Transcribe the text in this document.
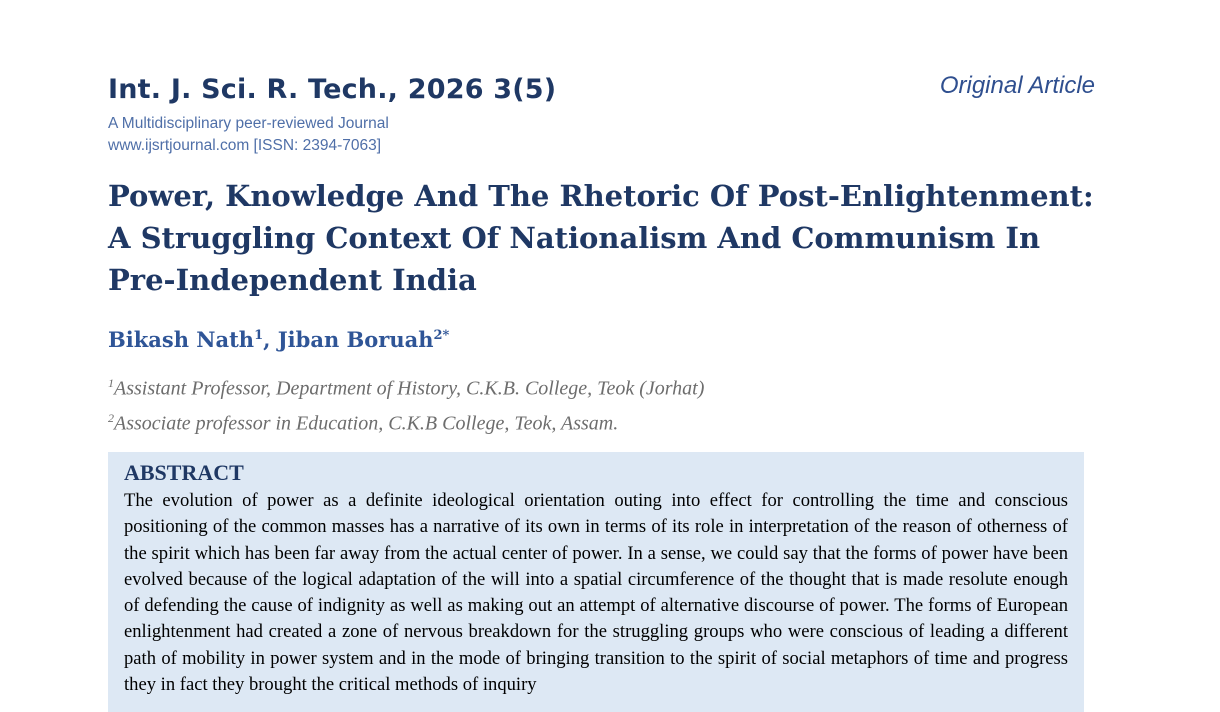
Int. J. Sci. R. Tech., 2026 3(5)	Original Article
A Multidisciplinary peer-reviewed Journal
www.ijsrtjournal.com [ISSN: 2394-7063]
Power, Knowledge And The Rhetoric Of Post-Enlightenment: A Struggling Context Of Nationalism And Communism In Pre-Independent India
Bikash Nath$^1$, Jiban Boruah$^{2*}$
$^1$Assistant Professor, Department of History, C.K.B. College, Teok (Jorhat)
$^2$Associate professor in Education, C.K.B College, Teok, Assam.
ABSTRACT

The evolution of power as a definite ideological orientation outing into effect for controlling the time and conscious positioning of the common masses has a narrative of its own in terms of its role in interpretation of the reason of otherness of the spirit which has been far away from the actual center of power. In a sense, we could say that the forms of power have been evolved because of the logical adaptation of the will into a spatial circumference of the thought that is made resolute enough of defending the cause of indignity as well as making out an attempt of alternative discourse of power. The forms of European enlightenment had created a zone of nervous breakdown for the struggling groups who were conscious of leading a different path of mobility in power system and in the mode of bringing transition to the spirit of social metaphors of time and progress they in fact they brought the critical methods of inquiry
